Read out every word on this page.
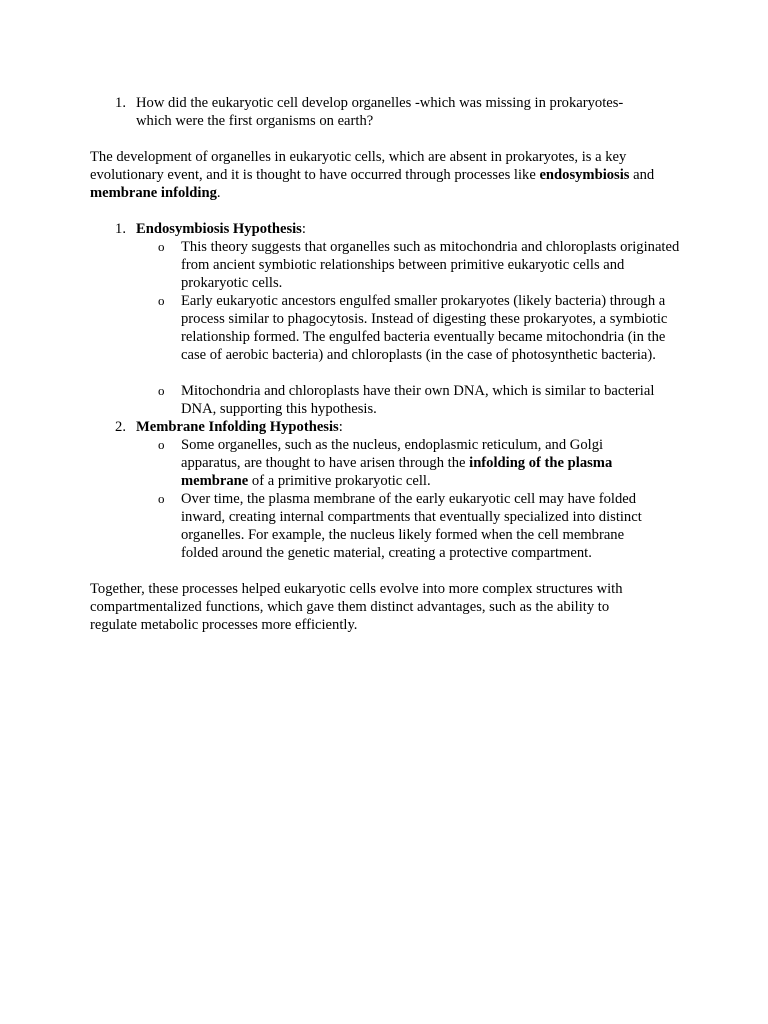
1. How did the eukaryotic cell develop organelles -which was missing in prokaryotes-which were the first organisms on earth?

The development of organelles in eukaryotic cells, which are absent in prokaryotes, is a key evolutionary event, and it is thought to have occurred through processes like endosymbiosis and membrane infolding.

1. Endosymbiosis Hypothesis:
o This theory suggests that organelles such as mitochondria and chloroplasts originated from ancient symbiotic relationships between primitive eukaryotic cells and prokaryotic cells.
o Early eukaryotic ancestors engulfed smaller prokaryotes (likely bacteria) through a process similar to phagocytosis. Instead of digesting these prokaryotes, a symbiotic relationship formed. The engulfed bacteria eventually became mitochondria (in the case of aerobic bacteria) and chloroplasts (in the case of photosynthetic bacteria).
o Mitochondria and chloroplasts have their own DNA, which is similar to bacterial DNA, supporting this hypothesis.
2. Membrane Infolding Hypothesis:
o Some organelles, such as the nucleus, endoplasmic reticulum, and Golgi apparatus, are thought to have arisen through the infolding of the plasma membrane of a primitive prokaryotic cell.
o Over time, the plasma membrane of the early eukaryotic cell may have folded inward, creating internal compartments that eventually specialized into distinct organelles. For example, the nucleus likely formed when the cell membrane folded around the genetic material, creating a protective compartment.

Together, these processes helped eukaryotic cells evolve into more complex structures with compartmentalized functions, which gave them distinct advantages, such as the ability to regulate metabolic processes more efficiently.
